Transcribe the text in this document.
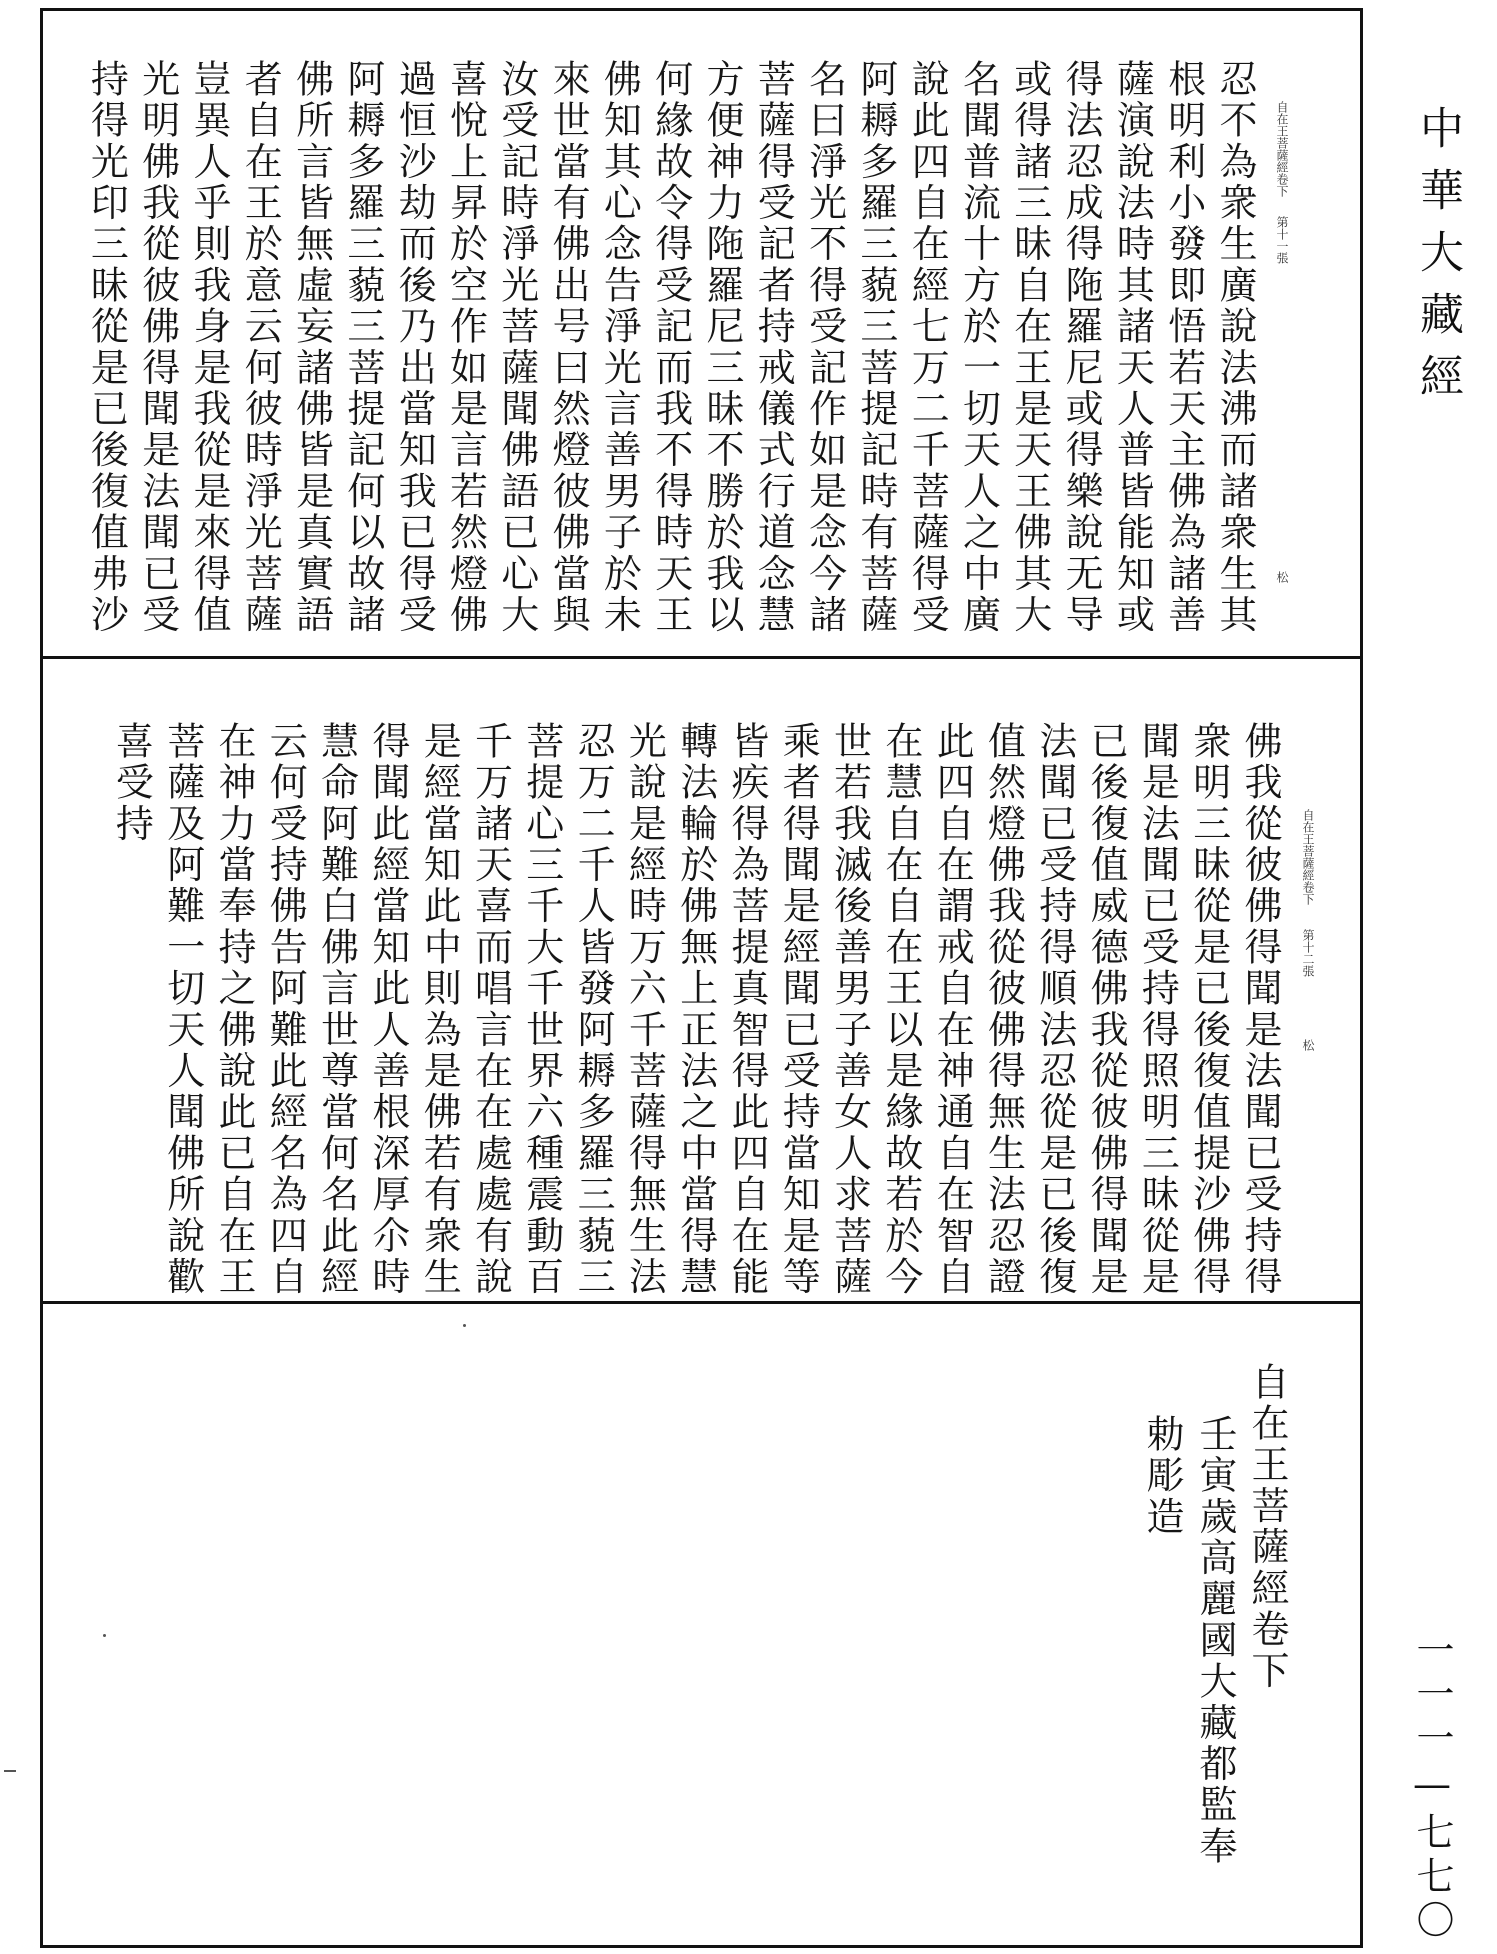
忍不為衆生廣說法沸而諸衆生其
根明利小發即悟若天主佛為諸善
薩演說法時其諸天人普皆能知或
得法忍成得陁羅尼或得樂說无导
或得諸三昧自在王是天王佛其大
名聞普流十方於一切天人之中廣
說此四自在經七万二千菩薩得受
阿耨多羅三藐三菩提記時有菩薩
名曰淨光不得受記作如是念今諸
菩薩得受記者持戒儀式行道念慧
方便神力陁羅尼三昧不勝於我以
何緣故令得受記而我不得時天王
佛知其心念告淨光言善男子於未
來世當有佛出号曰然燈彼佛當與
汝受記時淨光菩薩聞佛語已心大
喜悅上昇於空作如是言若然燈佛
過恒沙劫而後乃出當知我已得受
阿耨多羅三藐三菩提記何以故諸
佛所言皆無虛妄諸佛皆是真實語
者自在王於意云何彼時淨光菩薩
豈異人乎則我身是我從是來得值
光明佛我從彼佛得聞是法聞已受
持得光印三昧從是已後復值弗沙	自在王菩薩經卷下
第十一張
松
佛我從彼佛得聞是法聞已受持得
衆明三昧從是已後復值提沙佛得
聞是法聞已受持得照明三昧從是
已後復值威德佛我從彼佛得聞是
法聞已受持得順法忍從是已後復
值然燈佛我從彼佛得無生法忍證
此四自在謂戒自在神通自在智自
在慧自在自在王以是緣故若於今
世若我滅後善男子善女人求菩薩
乘者得聞是經聞已受持當知是等
皆疾得為菩提真智得此四自在能
轉法輪於佛無上正法之中當得慧
光說是經時万六千菩薩得無生法
忍万二千人皆發阿耨多羅三藐三
菩提心三千大千世界六種震動百
千万諸天喜而唱言在在處處有說
是經當知此中則為是佛若有衆生
得聞此經當知此人善根深厚尒時
慧命阿難白佛言世尊當何名此經
云何受持佛告阿難此經名為四自
在神力當奉持之佛說此已自在王
菩薩及阿難一切天人聞佛所說歡
喜受持
自在王菩薩經卷下
第十二張
松
自在王菩薩經卷下
壬寅歲高麗國大藏都監奉
勅彫造
中華大藏經
一一一—七七〇
